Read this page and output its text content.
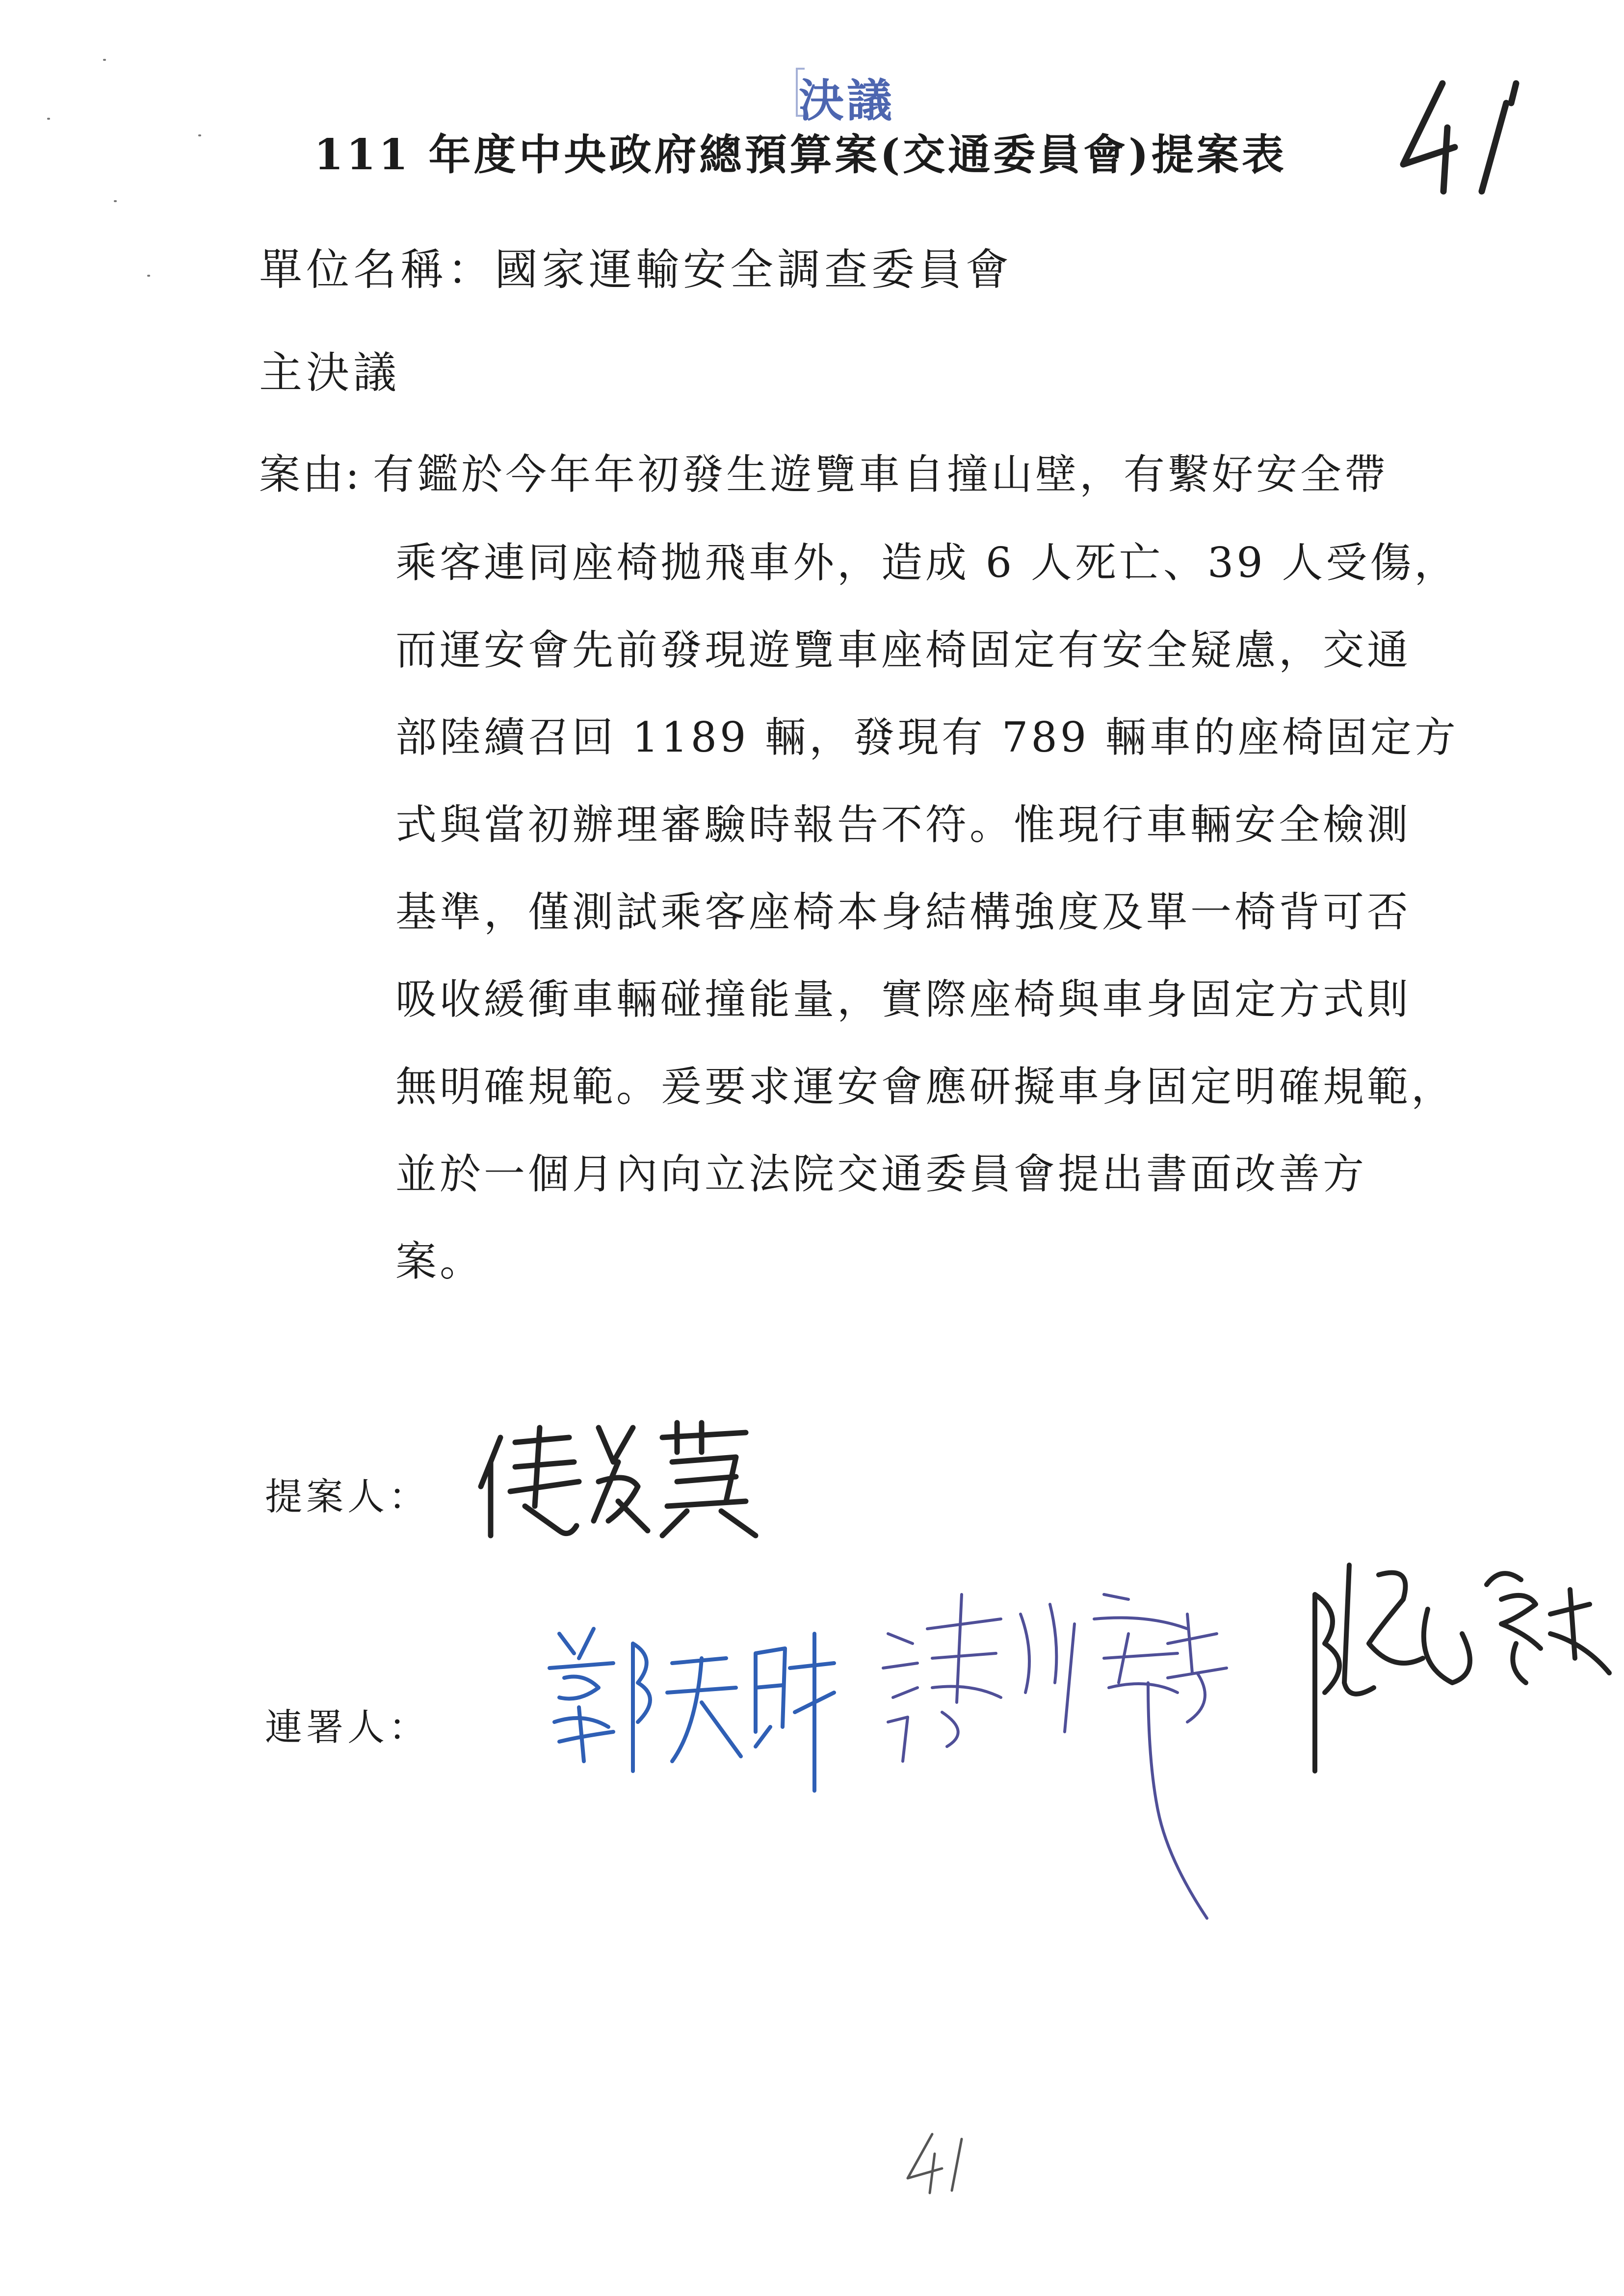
決議
111 年度中央政府總預算案(交通委員會)提案表
單位名稱：國家運輸安全調查委員會
主決議
案由: 有鑑於今年年初發生遊覽車自撞山壁，有繫好安全帶
乘客連同座椅拋飛車外，造成 6 人死亡、39 人受傷，
而運安會先前發現遊覽車座椅固定有安全疑慮，交通
部陸續召回 1189 輛，發現有 789 輛車的座椅固定方
式與當初辦理審驗時報告不符。惟現行車輛安全檢測
基準，僅測試乘客座椅本身結構強度及單一椅背可否
吸收緩衝車輛碰撞能量，實際座椅與車身固定方式則
無明確規範。爰要求運安會應研擬車身固定明確規範，
並於一個月內向立法院交通委員會提出書面改善方
案。
提案人：
連署人：
